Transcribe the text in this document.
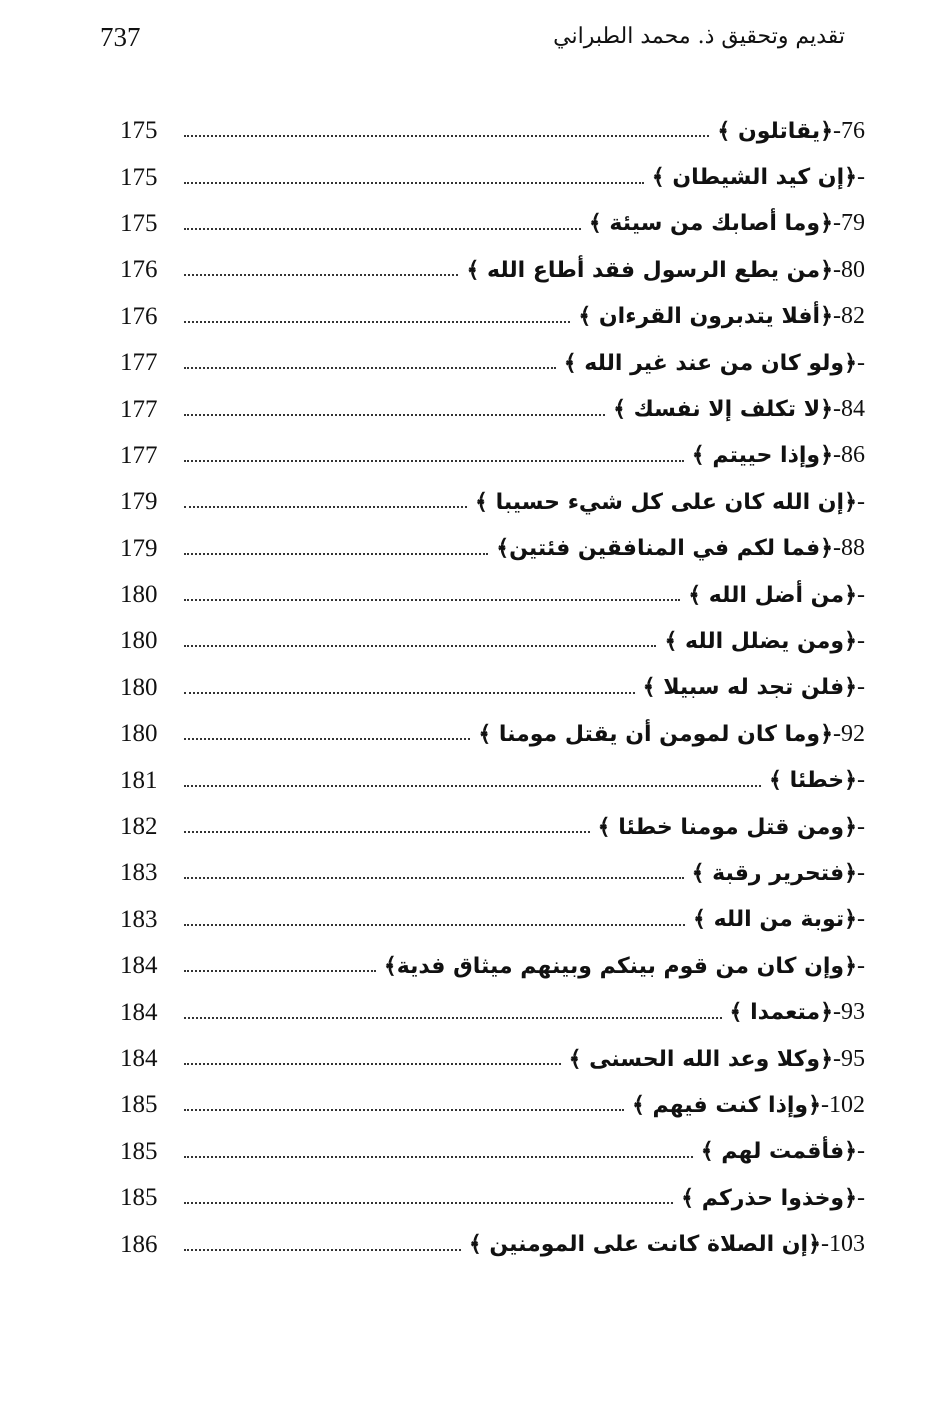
737	تقديم وتحقيق ذ. محمد الطبراني
175	76-﴿يقاتلون ﴾
175	-﴿إن كيد الشيطان ﴾
175	79-﴿وما أصابك من سيئة ﴾
176	80-﴿من يطع الرسول فقد أطاع الله ﴾
176	82-﴿أفلا يتدبرون القرءان ﴾
177	-﴿ولو كان من عند غير الله ﴾
177	84-﴿لا تكلف إلا نفسك ﴾
177	86-﴿وإذا حييتم ﴾
179	-﴿إن الله كان على كل شيء حسيبا ﴾
179	88-﴿فما لكم في المنافقين فئتين﴾
180	-﴿من أضل الله ﴾
180	-﴿ومن يضلل الله ﴾
180	-﴿فلن تجد له سبيلا ﴾
180	92-﴿وما كان لمومن أن يقتل مومنا ﴾
181	-﴿خطئا ﴾
182	-﴿ومن قتل مومنا خطئا ﴾
183	-﴿فتحرير رقبة ﴾
183	-﴿توبة من الله ﴾
184	-﴿وإن كان من قوم بينكم وبينهم ميثاق فدية﴾
184	93-﴿متعمدا ﴾
184	95-﴿وكلا وعد الله الحسنى ﴾
185	102-﴿وإذا كنت فيهم ﴾
185	-﴿فأقمت لهم ﴾
185	-﴿وخذوا حذركم ﴾
186	103-﴿إن الصلاة كانت على المومنين ﴾
